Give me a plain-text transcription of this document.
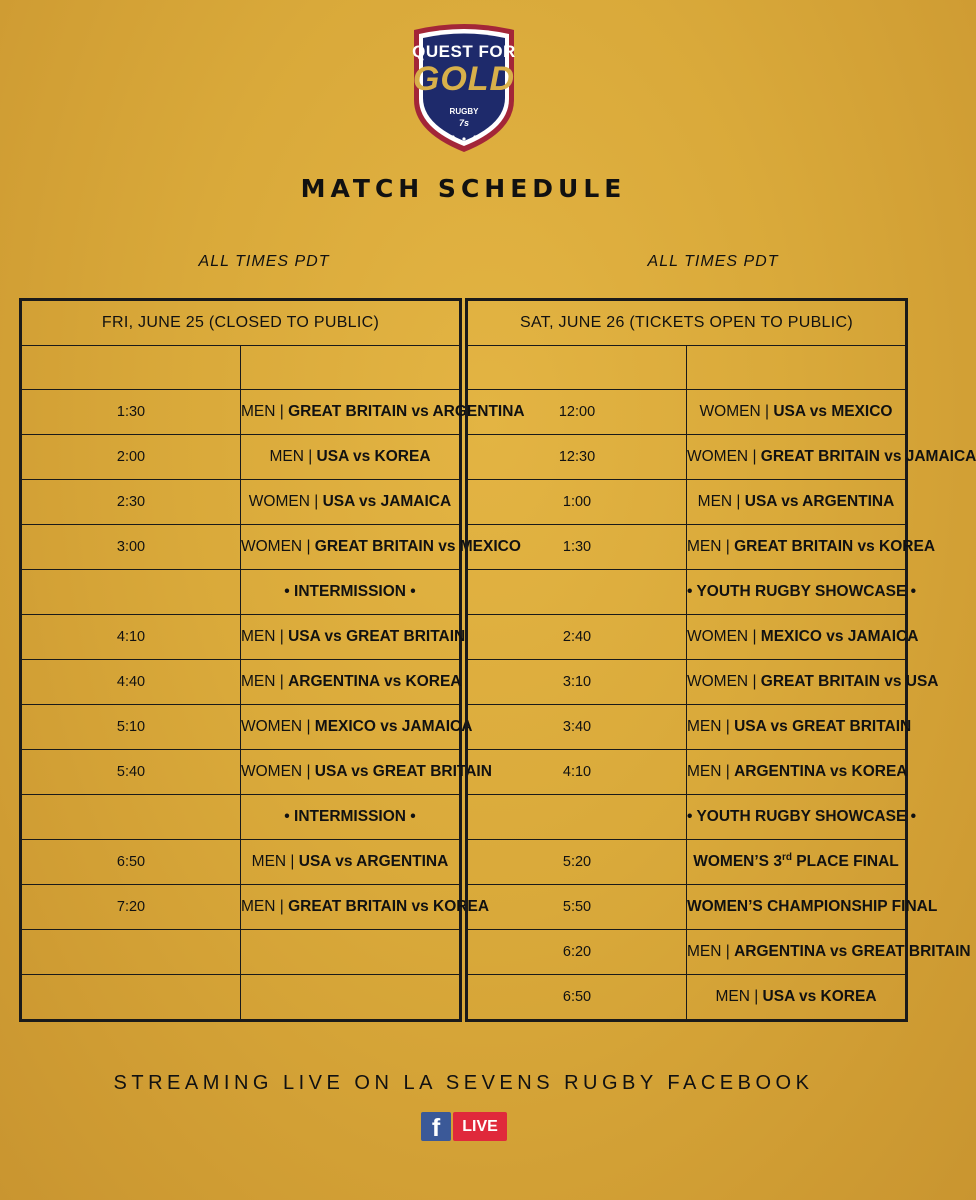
QUEST FOR
GOLD
RUGBY
7s
MATCH SCHEDULE
ALL TIMES PDT	ALL TIMES PDT
FRI, JUNE 25 (CLOSED TO PUBLIC)	

1:30	MEN | GREAT BRITAIN vs ARGENTINA
2:00	MEN | USA vs KOREA
2:30	WOMEN | USA vs JAMAICA
3:00	WOMEN | GREAT BRITAIN vs MEXICO
	• INTERMISSION •
4:10	MEN | USA vs GREAT BRITAIN
4:40	MEN | ARGENTINA vs KOREA
5:10	WOMEN | MEXICO vs JAMAICA
5:40	WOMEN | USA vs GREAT BRITAIN
	• INTERMISSION •
6:50	MEN | USA vs ARGENTINA
7:20	MEN | GREAT BRITAIN vs KOREA

SAT, JUNE 26 (TICKETS OPEN TO PUBLIC)	

12:00	WOMEN | USA vs MEXICO
12:30	WOMEN | GREAT BRITAIN vs JAMAICA
1:00	MEN | USA vs ARGENTINA
1:30	MEN | GREAT BRITAIN vs KOREA
	• YOUTH RUGBY SHOWCASE •
2:40	WOMEN | MEXICO vs JAMAICA
3:10	WOMEN | GREAT BRITAIN vs USA
3:40	MEN | USA vs GREAT BRITAIN
4:10	MEN | ARGENTINA vs KOREA
	• YOUTH RUGBY SHOWCASE •
5:20	WOMEN’S 3rd PLACE FINAL
5:50	WOMEN’S CHAMPIONSHIP FINAL
6:20	MEN | ARGENTINA vs GREAT BRITAIN
6:50	MEN | USA vs KOREA
STREAMING LIVE ON LA SEVENS RUGBY FACEBOOK
f	LIVE
